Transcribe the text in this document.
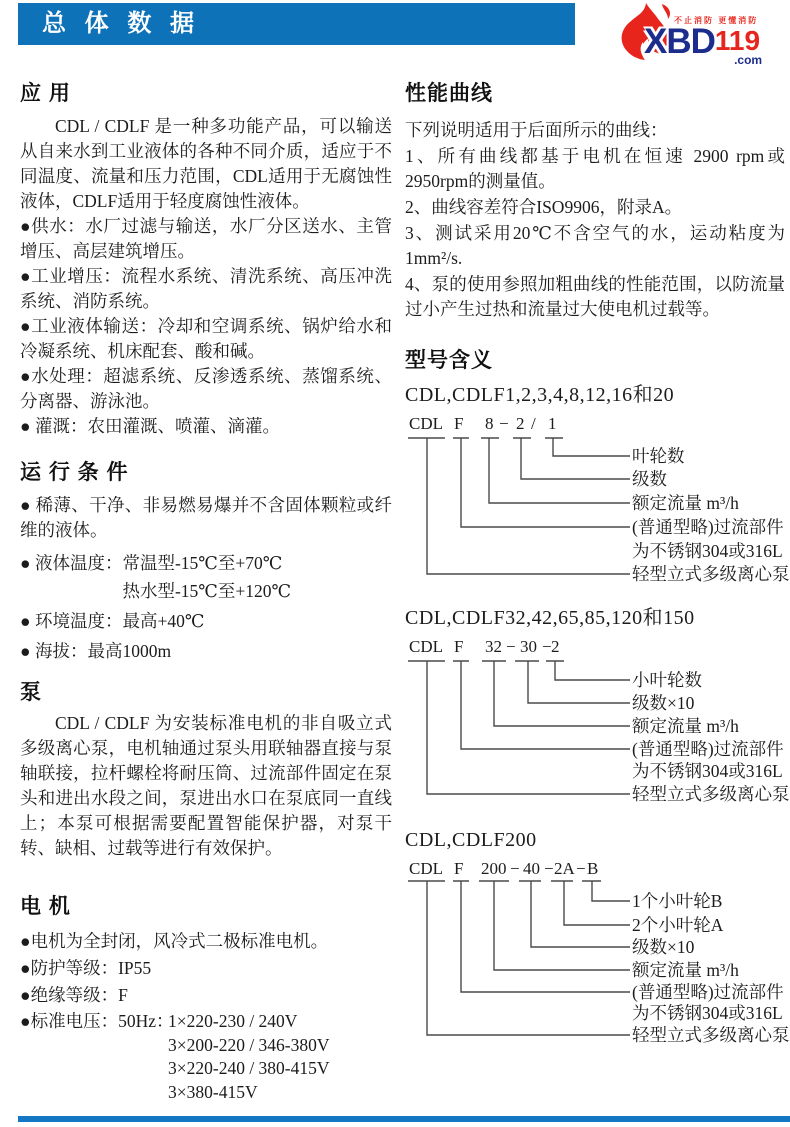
总 体 数 据	不止消防 更懂消防
XBD119
.com
应 用

CDL / CDLF 是一种多功能产品，可以输送从自来水到工业液体的各种不同介质，适应于不同温度、流量和压力范围，CDL适用于无腐蚀性液体，CDLF适用于轻度腐蚀性液体。

●供水：水厂过滤与输送，水厂分区送水、主管增压、高层建筑增压。

●工业增压：流程水系统、清洗系统、高压冲洗系统、消防系统。

●工业液体输送：冷却和空调系统、锅炉给水和冷凝系统、机床配套、酸和碱。

●水处理：超滤系统、反渗透系统、蒸馏系统、分离器、游泳池。

● 灌溉：农田灌溉、喷灌、滴灌。

运 行 条 件

● 稀薄、干净、非易燃易爆并不含固体颗粒或纤维的液体。

● 液体温度： 常温型-15℃至+70℃
热水型-15℃至+120℃
● 环境温度：最高+40℃
● 海拔：最高1000m
泵

CDL / CDLF 为安装标准电机的非自吸立式多级离心泵，电机轴通过泵头用联轴器直接与泵轴联接，拉杆螺栓将耐压筒、过流部件固定在泵头和进出水段之间，泵进出水口在泵底同一直线上；本泵可根据需要配置智能保护器，对泵干转、缺相、过载等进行有效保护。

电 机
●电机为全封闭，风冷式二极标准电机。
●防护等级：IP55
●绝缘等级：F
●标准电压：50Hz：
1×220-230 / 240V
3×200-220 / 346-380V
3×220-240 / 380-415V
3×380-415V
性能曲线

下列说明适用于后面所示的曲线：

1、所有曲线都基于电机在恒速 2900 rpm或2950rpm的测量值。

2、曲线容差符合ISO9906，附录A。

3、测试采用20℃不含空气的水，运动粘度为1mm²/s.

4、泵的使用参照加粗曲线的性能范围，以防流量过小产生过热和流量过大使电机过载等。

型号含义
CDL,CDLF1,2,3,4,8,12,16和20
CDL F 8 − 2 / 1
叶轮数
级数
额定流量 m³/h
(普通型略)过流部件
为不锈钢304或316L
轻型立式多级离心泵
CDL,CDLF32,42,65,85,120和150
CDL F 32 − 30 − 2
小叶轮数
级数×10
额定流量 m³/h
(普通型略)过流部件
为不锈钢304或316L
轻型立式多级离心泵
CDL,CDLF200
CDL F 200 − 40 − 2A − B
1个小叶轮B
2个小叶轮A
级数×10
额定流量 m³/h
(普通型略)过流部件
为不锈钢304或316L
轻型立式多级离心泵
